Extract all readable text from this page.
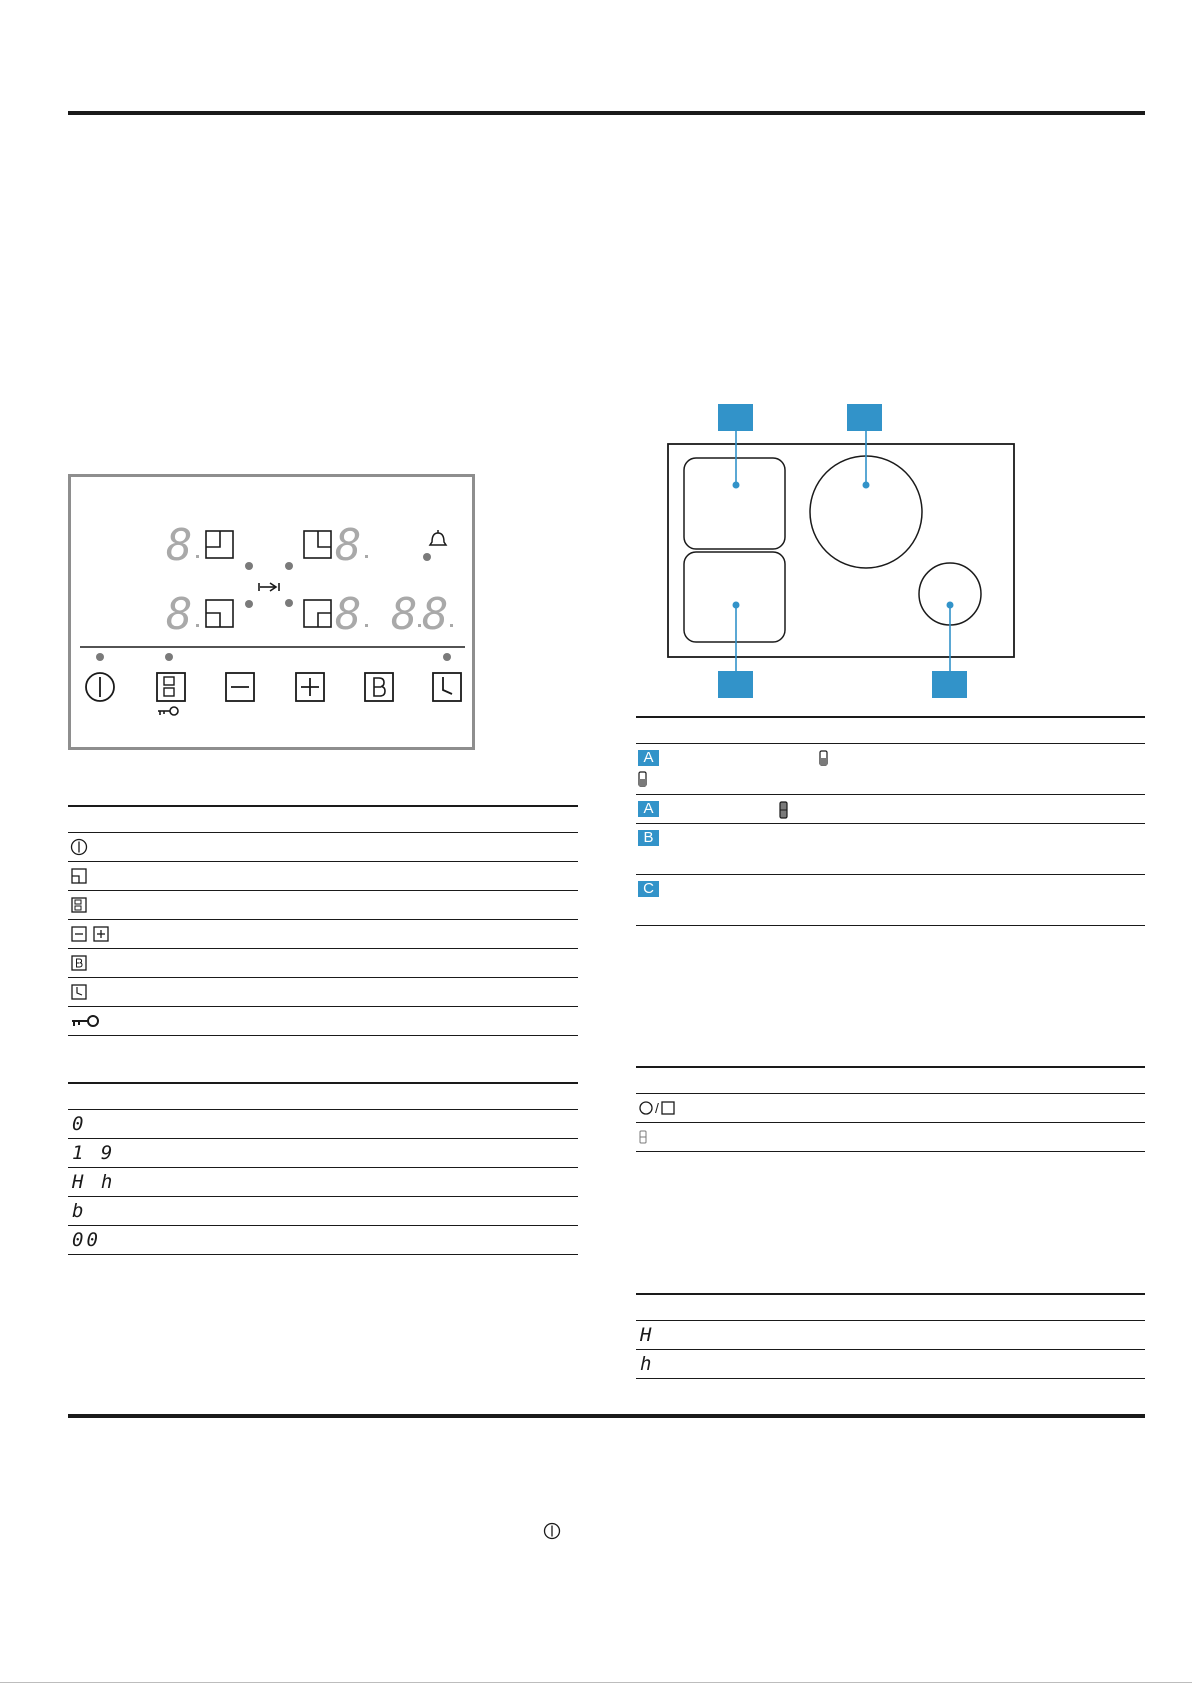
8	8
8	8 8 8
0
1 9
H h
b
00
A
A
B
C
/
H
h
